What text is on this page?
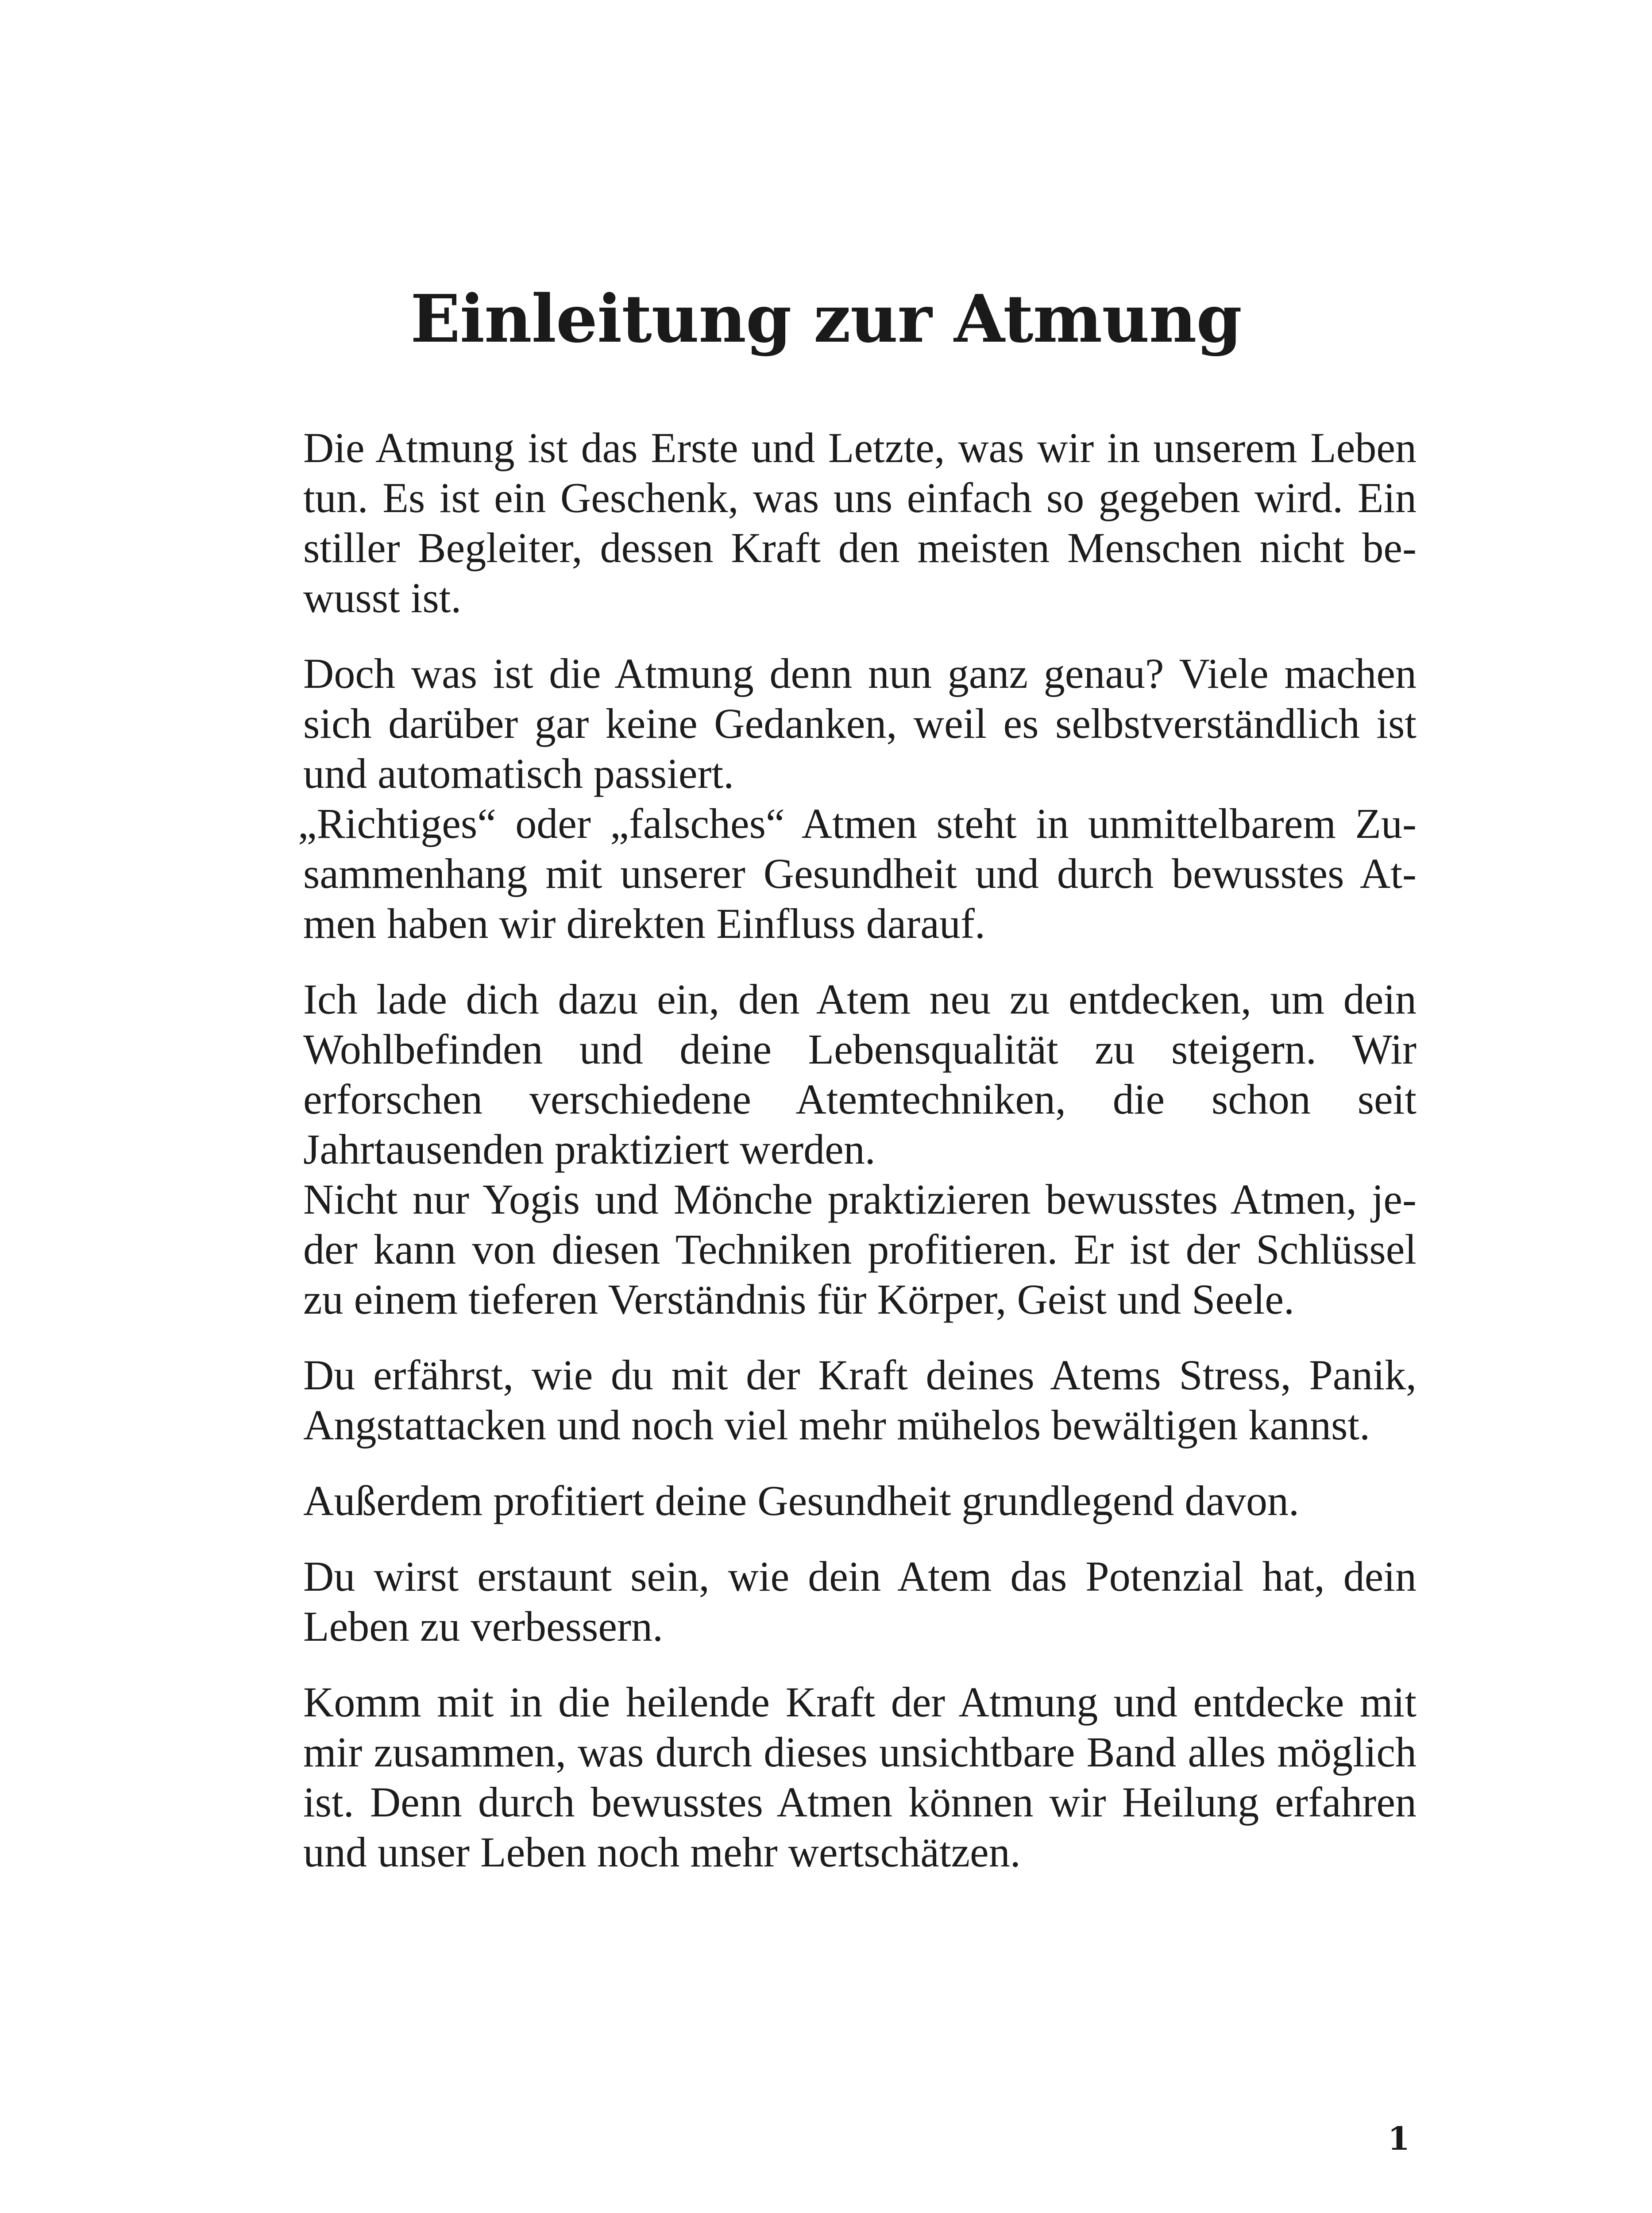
Einleitung zur Atmung

Die Atmung ist das Erste und Letzte, was wir in unserem Leben tun. Es ist ein Geschenk, was uns einfach so gegeben wird. Ein stiller Begleiter, dessen Kraft den meisten Menschen nicht bewusst ist.

Doch was ist die Atmung denn nun ganz genau? Viele machen sich darüber gar keine Gedanken, weil es selbstverständlich ist und automatisch passiert.

„Richtiges“ oder „falsches“ Atmen steht in unmittelbarem Zusammenhang mit unserer Gesundheit und durch bewusstes Atmen haben wir direkten Einfluss darauf.

Ich lade dich dazu ein, den Atem neu zu entdecken, um dein Wohlbefinden und deine Lebensqualität zu steigern. Wir erforschen verschiedene Atemtechniken, die schon seit Jahrtausenden praktiziert werden.

Nicht nur Yogis und Mönche praktizieren bewusstes Atmen, jeder kann von diesen Techniken profitieren. Er ist der Schlüssel zu einem tieferen Verständnis für Körper, Geist und Seele.

Du erfährst, wie du mit der Kraft deines Atems Stress, Panik, Angstattacken und noch viel mehr mühelos bewältigen kannst.

Außerdem profitiert deine Gesundheit grundlegend davon.

Du wirst erstaunt sein, wie dein Atem das Potenzial hat, dein Leben zu verbessern.

Komm mit in die heilende Kraft der Atmung und entdecke mit mir zusammen, was durch dieses unsichtbare Band alles möglich ist. Denn durch bewusstes Atmen können wir Heilung erfahren und unser Leben noch mehr wertschätzen.

1
